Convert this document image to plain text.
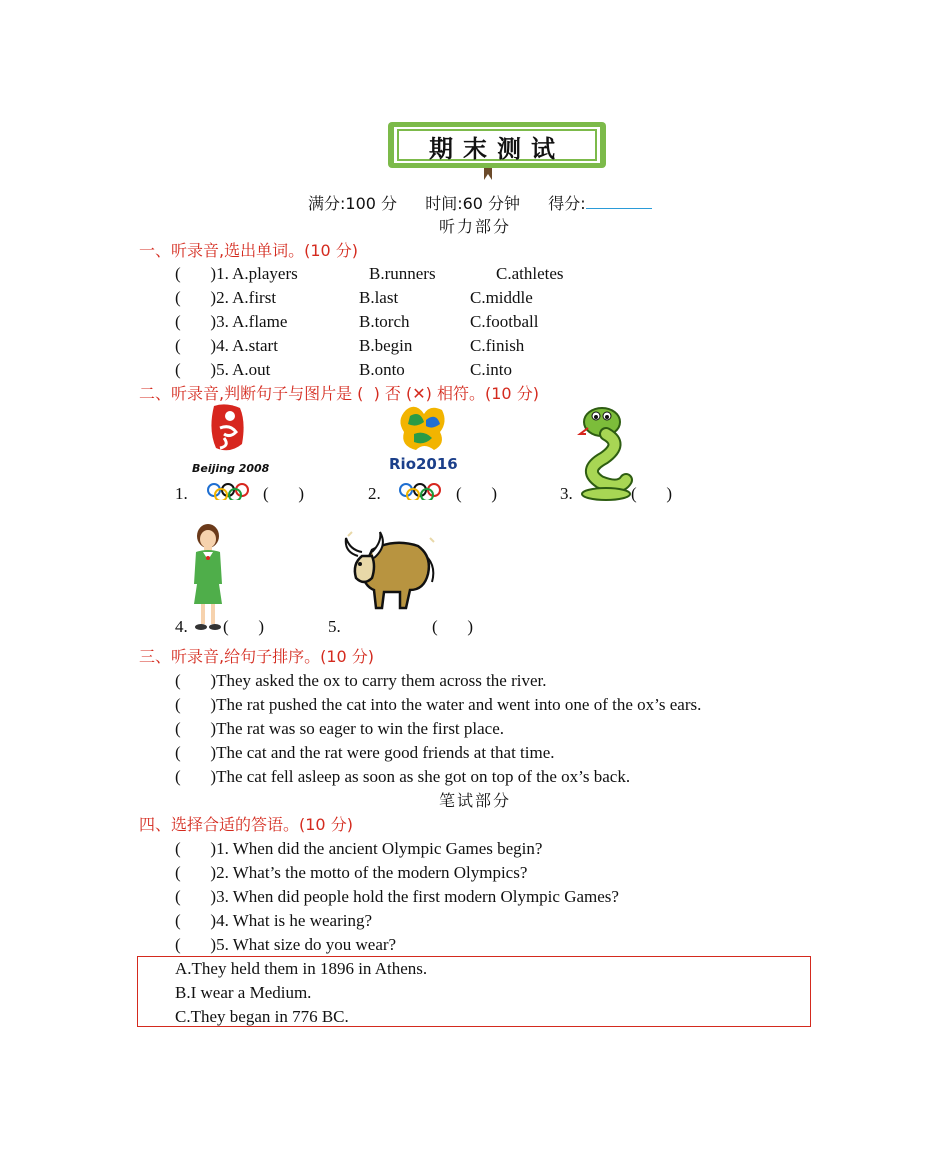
期末测试
满分:100 分 时间:60 分钟 得分:
听力部分
一、听录音,选出单词。(10 分)
(       )1. A.players	B.runners	C.athletes
(       )2. A.first	B.last	C.middle
(       )3. A.flame	B.torch	C.football
(       )4. A.start	B.begin	C.finish
(       )5. A.out	B.onto	C.into
二、听录音,判断句子与图片是 ( ) 否 (✕) 相符。(10 分)
Beijing 2008	Rio2016
1.	(       )	2.	(       )	3.	(       )
4. (       )	5.	(       )
三、听录音,给句子排序。(10 分)
(       )They asked the ox to carry them across the river.
(       )The rat pushed the cat into the water and went into one of the ox’s ears.
(       )The rat was so eager to win the first place.
(       )The cat and the rat were good friends at that time.
(       )The cat fell asleep as soon as she got on top of the ox’s back.
笔试部分
四、选择合适的答语。(10 分)
(       )1. When did the ancient Olympic Games begin?
(       )2. What’s the motto of the modern Olympics?
(       )3. When did people hold the first modern Olympic Games?
(       )4. What is he wearing?
(       )5. What size do you wear?
A.They held them in 1896 in Athens.
B.I wear a Medium.
C.They began in 776 BC.
